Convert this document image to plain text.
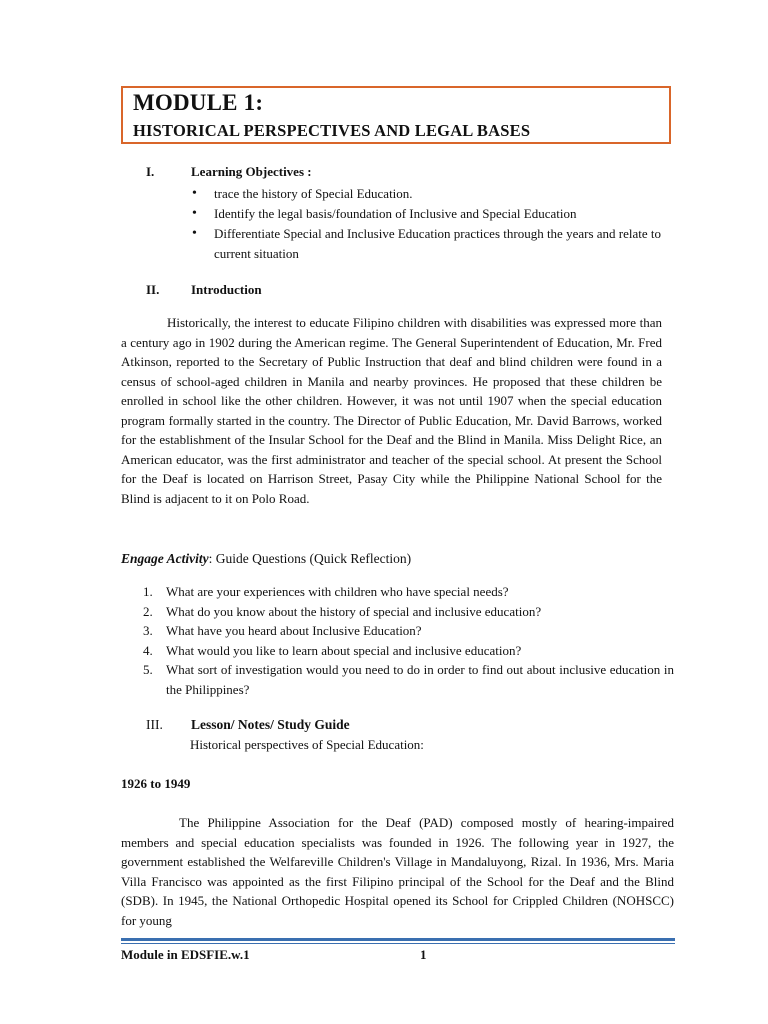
MODULE 1:
HISTORICAL PERSPECTIVES AND LEGAL BASES
I.	Learning Objectives :
• trace the history of Special Education.
• Identify the legal basis/foundation of Inclusive and Special Education
• Differentiate Special and Inclusive Education practices through the years and relate to current situation
II. Introduction

Historically, the interest to educate Filipino children with disabilities was expressed more than a century ago in 1902 during the American regime. The General Superintendent of Education, Mr. Fred Atkinson, reported to the Secretary of Public Instruction that deaf and blind children were found in a census of school-aged children in Manila and nearby provinces. He proposed that these children be enrolled in school like the other children. However, it was not until 1907 when the special education program formally started in the country. The Director of Public Education, Mr. David Barrows, worked for the establishment of the Insular School for the Deaf and the Blind in Manila. Miss Delight Rice, an American educator, was the first administrator and teacher of the special school. At present the School for the Deaf is located on Harrison Street, Pasay City while the Philippine National School for the Blind is adjacent to it on Polo Road.

Engage Activity: Guide Questions (Quick Reflection)
1. What are your experiences with children who have special needs?
2. What do you know about the history of special and inclusive education?
3. What have you heard about Inclusive Education?
4. What would you like to learn about special and inclusive education?
5. What sort of investigation would you need to do in order to find out about inclusive education in the Philippines?
III. Lesson/ Notes/ Study Guide
Historical perspectives of Special Education:
1926 to 1949

The Philippine Association for the Deaf (PAD) composed mostly of hearing-impaired members and special education specialists was founded in 1926. The following year in 1927, the government established the Welfareville Children's Village in Mandaluyong, Rizal. In 1936, Mrs. Maria Villa Francisco was appointed as the first Filipino principal of the School for the Deaf and the Blind (SDB). In 1945, the National Orthopedic Hospital opened its School for Crippled Children (NOHSCC) for young

Module in EDSFIE.w.1	1
